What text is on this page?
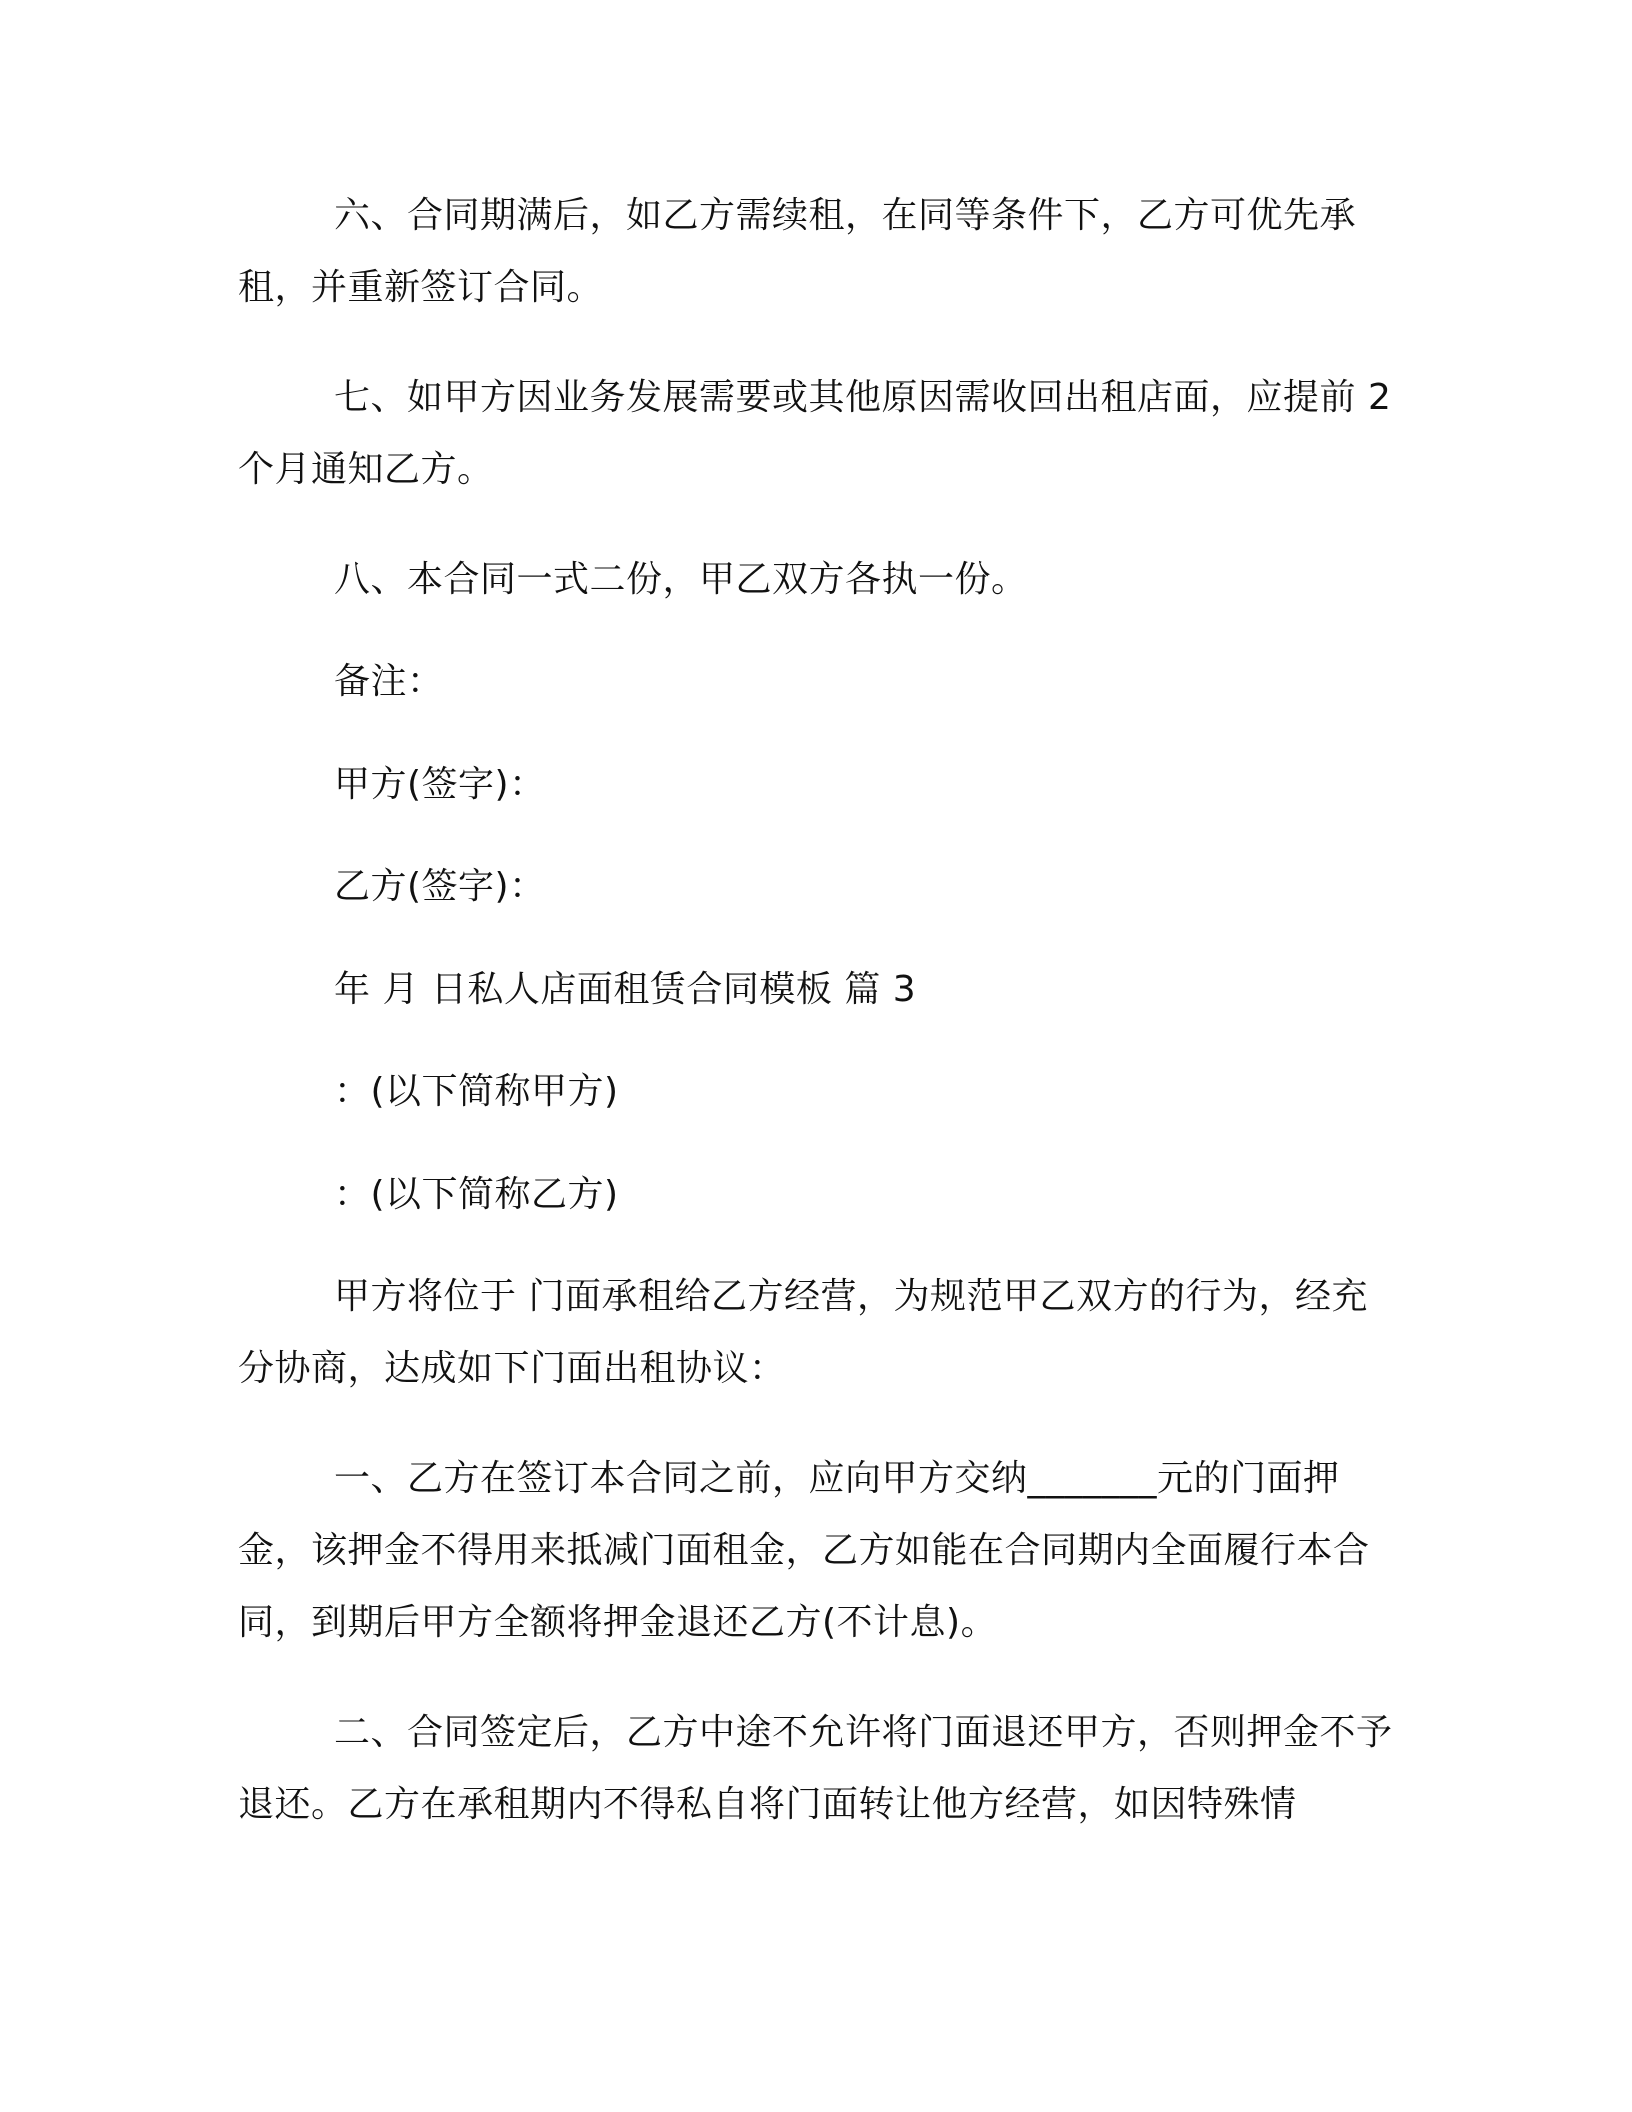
六、合同期满后，如乙方需续租，在同等条件下，乙方可优先承租，并重新签订合同。

七、如甲方因业务发展需要或其他原因需收回出租店面，应提前 2 个月通知乙方。

八、本合同一式二份，甲乙双方各执一份。

备注：

甲方(签字)：

乙方(签字)：

年 月 日私人店面租赁合同模板 篇 3

：(以下简称甲方)

：(以下简称乙方)

甲方将位于 门面承租给乙方经营，为规范甲乙双方的行为，经充分协商，达成如下门面出租协议：

一、乙方在签订本合同之前，应向甲方交纳_______元的门面押金，该押金不得用来抵减门面租金，乙方如能在合同期内全面履行本合同，到期后甲方全额将押金退还乙方(不计息)。

二、合同签定后，乙方中途不允许将门面退还甲方，否则押金不予退还。乙方在承租期内不得私自将门面转让他方经营，如因特殊情
